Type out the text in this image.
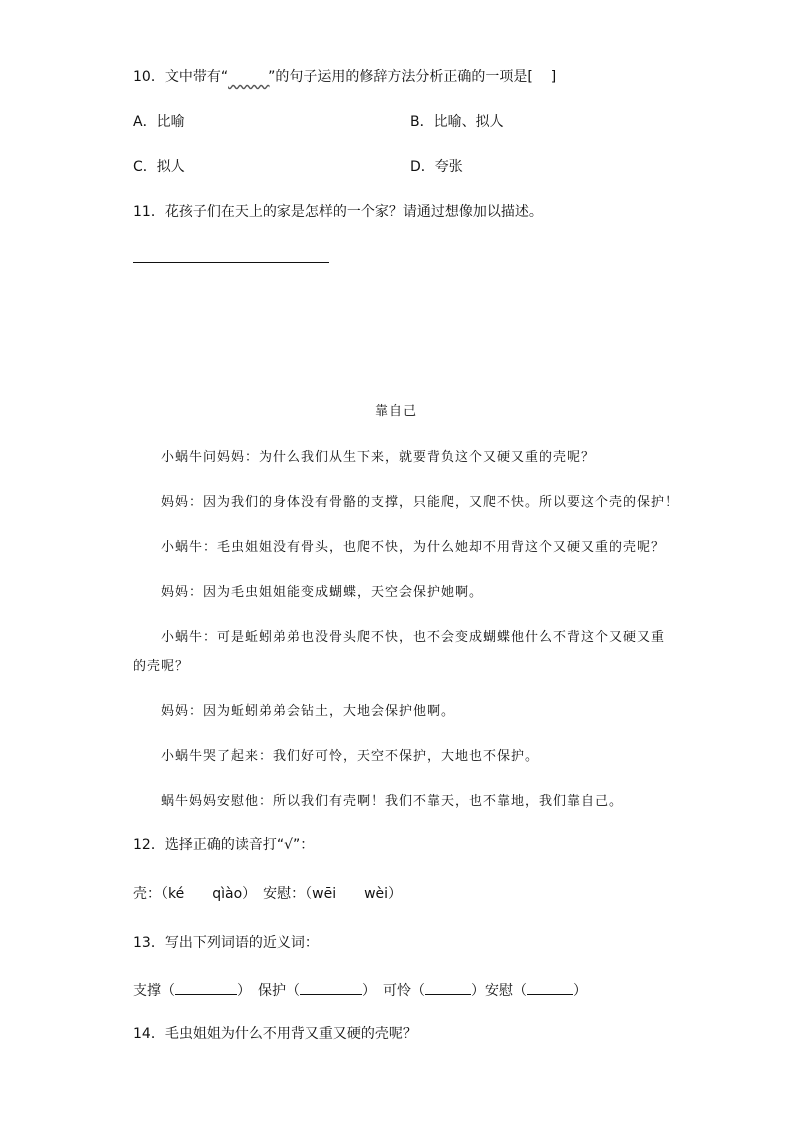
10．文中带有“	”的句子运用的修辞方法分析正确的一项是[ ]
A．比喻	B．比喻、拟人
C．拟人	D．夸张
11．花孩子们在天上的家是怎样的一个家？请通过想像加以描述。
靠自己
小蜗牛问妈妈：为什么我们从生下来，就要背负这个又硬又重的壳呢？
妈妈：因为我们的身体没有骨骼的支撑，只能爬，又爬不快。所以要这个壳的保护！
小蜗牛：毛虫姐姐没有骨头，也爬不快，为什么她却不用背这个又硬又重的壳呢？
妈妈：因为毛虫姐姐能变成蝴蝶，天空会保护她啊。
小蜗牛：可是蚯蚓弟弟也没骨头爬不快，也不会变成蝴蝶他什么不背这个又硬又重
的壳呢？
妈妈：因为蚯蚓弟弟会钻土，大地会保护他啊。
小蜗牛哭了起来：我们好可怜，天空不保护，大地也不保护。
蜗牛妈妈安慰他：所以我们有壳啊！我们不靠天，也不靠地，我们靠自己。
12．选择正确的读音打“√”：
壳：（ké　　qìào）　安慰：（wēi　　wèi）
13．写出下列词语的近义词：
支撑（	）　保护（	）　可怜（	）安慰（	）
14．毛虫姐姐为什么不用背又重又硬的壳呢？
